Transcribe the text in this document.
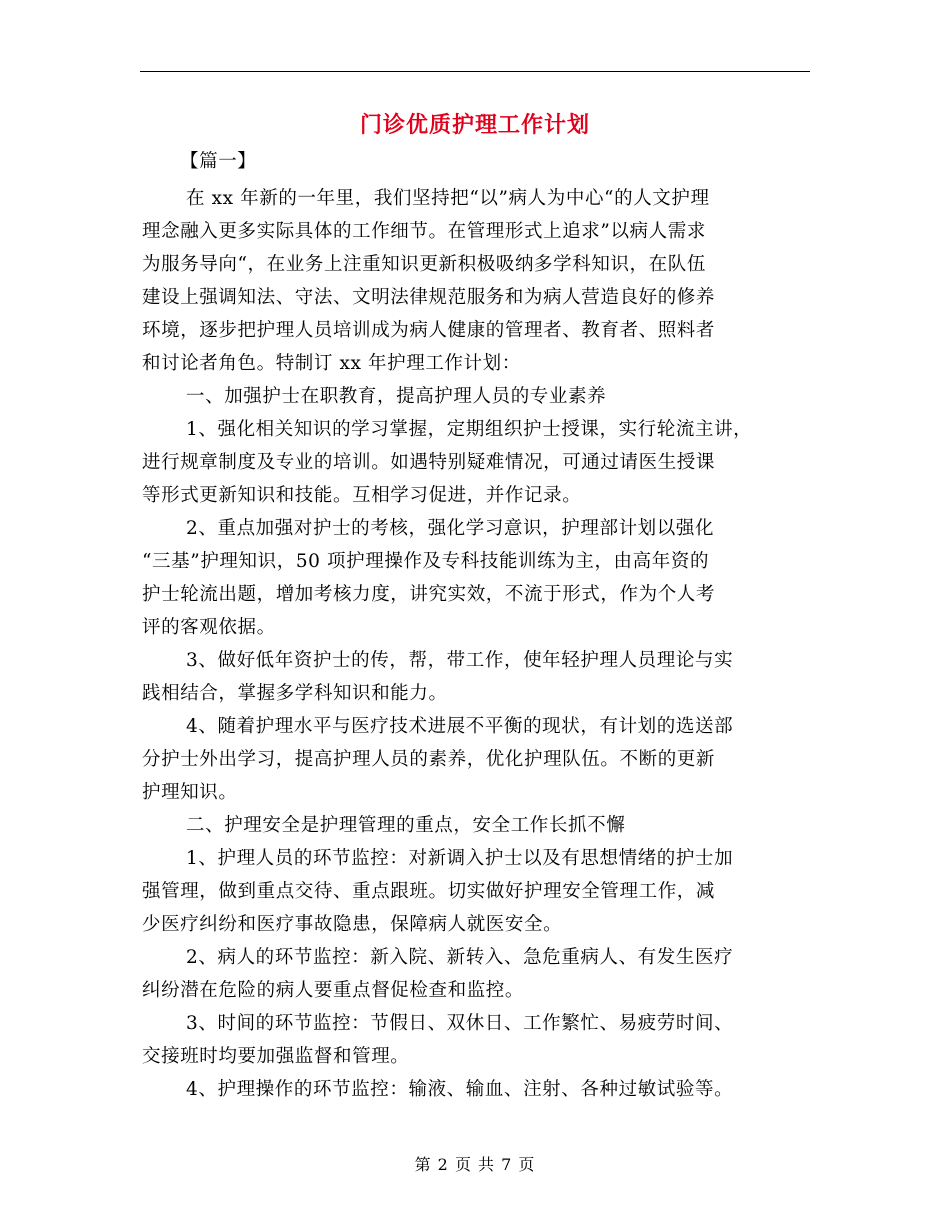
门诊优质护理工作计划
【篇一】
在 xx 年新的一年里，我们坚持把“以”病人为中心“的人文护理
理念融入更多实际具体的工作细节。在管理形式上追求”以病人需求
为服务导向“，在业务上注重知识更新积极吸纳多学科知识，在队伍
建设上强调知法、守法、文明法律规范服务和为病人营造良好的修养
环境，逐步把护理人员培训成为病人健康的管理者、教育者、照料者
和讨论者角色。特制订 xx 年护理工作计划：
一、加强护士在职教育，提高护理人员的专业素养
1、强化相关知识的学习掌握，定期组织护士授课，实行轮流主讲，
进行规章制度及专业的培训。如遇特别疑难情况，可通过请医生授课
等形式更新知识和技能。互相学习促进，并作记录。
2、重点加强对护士的考核，强化学习意识，护理部计划以强化
“三基”护理知识，50 项护理操作及专科技能训练为主，由高年资的
护士轮流出题，增加考核力度，讲究实效，不流于形式，作为个人考
评的客观依据。
3、做好低年资护士的传，帮，带工作，使年轻护理人员理论与实
践相结合，掌握多学科知识和能力。
4、随着护理水平与医疗技术进展不平衡的现状，有计划的选送部
分护士外出学习，提高护理人员的素养，优化护理队伍。不断的更新
护理知识。
二、护理安全是护理管理的重点，安全工作长抓不懈
1、护理人员的环节监控：对新调入护士以及有思想情绪的护士加
强管理，做到重点交待、重点跟班。切实做好护理安全管理工作，减
少医疗纠纷和医疗事故隐患，保障病人就医安全。
2、病人的环节监控：新入院、新转入、急危重病人、有发生医疗
纠纷潜在危险的病人要重点督促检查和监控。
3、时间的环节监控：节假日、双休日、工作繁忙、易疲劳时间、
交接班时均要加强监督和管理。
4、护理操作的环节监控：输液、输血、注射、各种过敏试验等。
第 2 页 共 7 页
